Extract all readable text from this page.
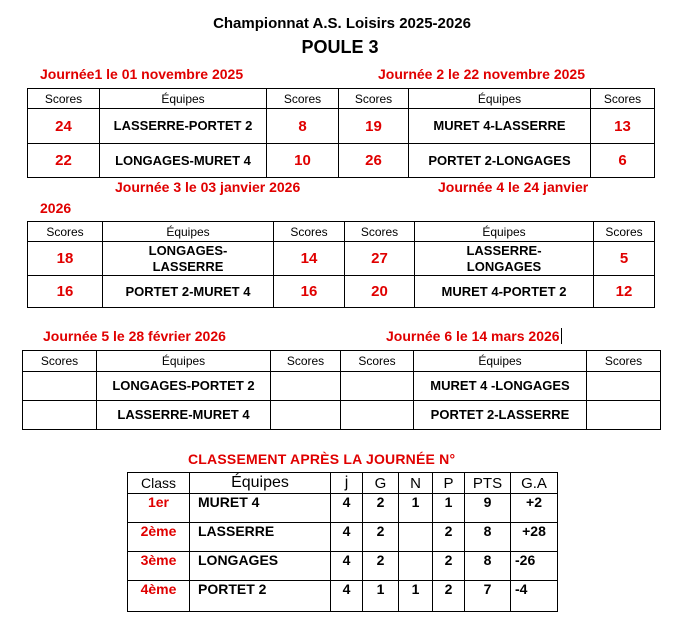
Championnat A.S. Loisirs 2025-2026
POULE 3
Journée1 le 01 novembre 2025	Journée 2 le 22 novembre 2025
Scores	Équipes	Scores	Scores	Équipes	Scores
24	LASSERRE-PORTET 2	8	19	MURET 4-LASSERRE	13
22	LONGAGES-MURET 4	10	26	PORTET 2-LONGAGES	6
Journée 3 le 03 janvier 2026	Journée 4 le 24 janvier
2026
Scores	Équipes	Scores	Scores	Équipes	Scores
18	LONGAGES-LASSERRE	14	27	LASSERRE-LONGAGES	5
16	PORTET 2-MURET 4	16	20	MURET 4-PORTET 2	12
Journée 5 le 28 février 2026	Journée 6 le 14 mars 2026
Scores	Équipes	Scores	Scores	Équipes	Scores
	LONGAGES-PORTET 2			MURET 4 -LONGAGES	
	LASSERRE-MURET 4			PORTET 2-LASSERRE	
CLASSEMENT APRÈS LA JOURNÉE N°
Class	Équipes	j	G	N	P	PTS	G.A
1er	MURET 4	4	2	1	1	9	+2
2ème	LASSERRE	4	2		2	8	+28
3ème	LONGAGES	4	2		2	8	-26
4ème	PORTET 2	4	1	1	2	7	-4
